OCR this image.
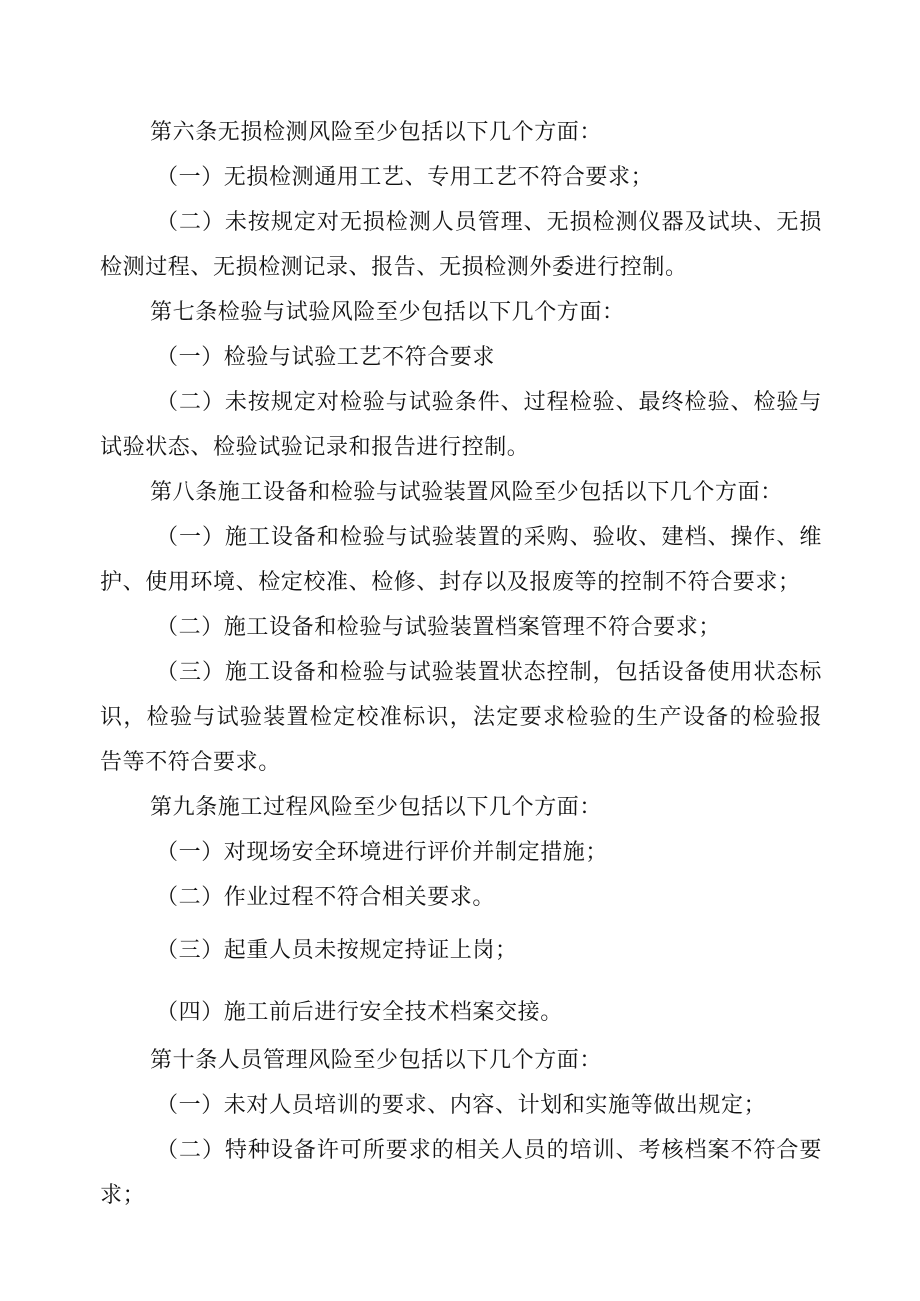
第六条无损检测风险至少包括以下几个方面：
（一）无损检测通用工艺、专用工艺不符合要求；
（二）未按规定对无损检测人员管理、无损检测仪器及试块、无损检测过程、无损检测记录、报告、无损检测外委进行控制。
第七条检验与试验风险至少包括以下几个方面：
（一）检验与试验工艺不符合要求
（二）未按规定对检验与试验条件、过程检验、最终检验、检验与试验状态、检验试验记录和报告进行控制。
第八条施工设备和检验与试验装置风险至少包括以下几个方面：
（一）施工设备和检验与试验装置的采购、验收、建档、操作、维护、使用环境、检定校准、检修、封存以及报废等的控制不符合要求；
（二）施工设备和检验与试验装置档案管理不符合要求；
（三）施工设备和检验与试验装置状态控制，包括设备使用状态标识，检验与试验装置检定校准标识，法定要求检验的生产设备的检验报告等不符合要求。
第九条施工过程风险至少包括以下几个方面：
（一）对现场安全环境进行评价并制定措施；
（二）作业过程不符合相关要求。
（三）起重人员未按规定持证上岗；
（四）施工前后进行安全技术档案交接。
第十条人员管理风险至少包括以下几个方面：
（一）未对人员培训的要求、内容、计划和实施等做出规定；
（二）特种设备许可所要求的相关人员的培训、考核档案不符合要求；
